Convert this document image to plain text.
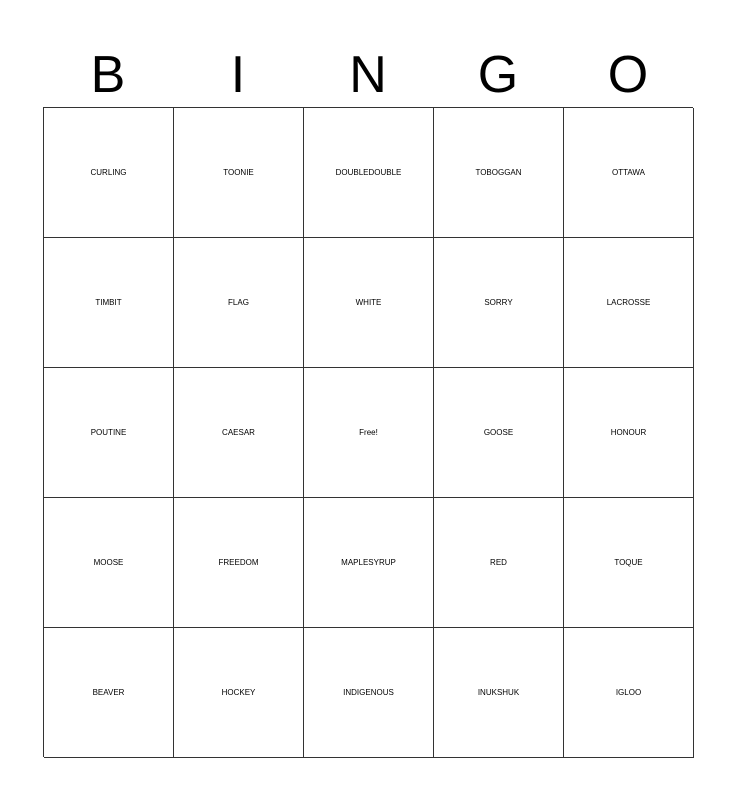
B	I	N	G	O
CURLING	TOONIE	DOUBLEDOUBLE	TOBOGGAN	OTTAWA
TIMBIT	FLAG	WHITE	SORRY	LACROSSE
POUTINE	CAESAR	Free!	GOOSE	HONOUR
MOOSE	FREEDOM	MAPLESYRUP	RED	TOQUE
BEAVER	HOCKEY	INDIGENOUS	INUKSHUK	IGLOO
